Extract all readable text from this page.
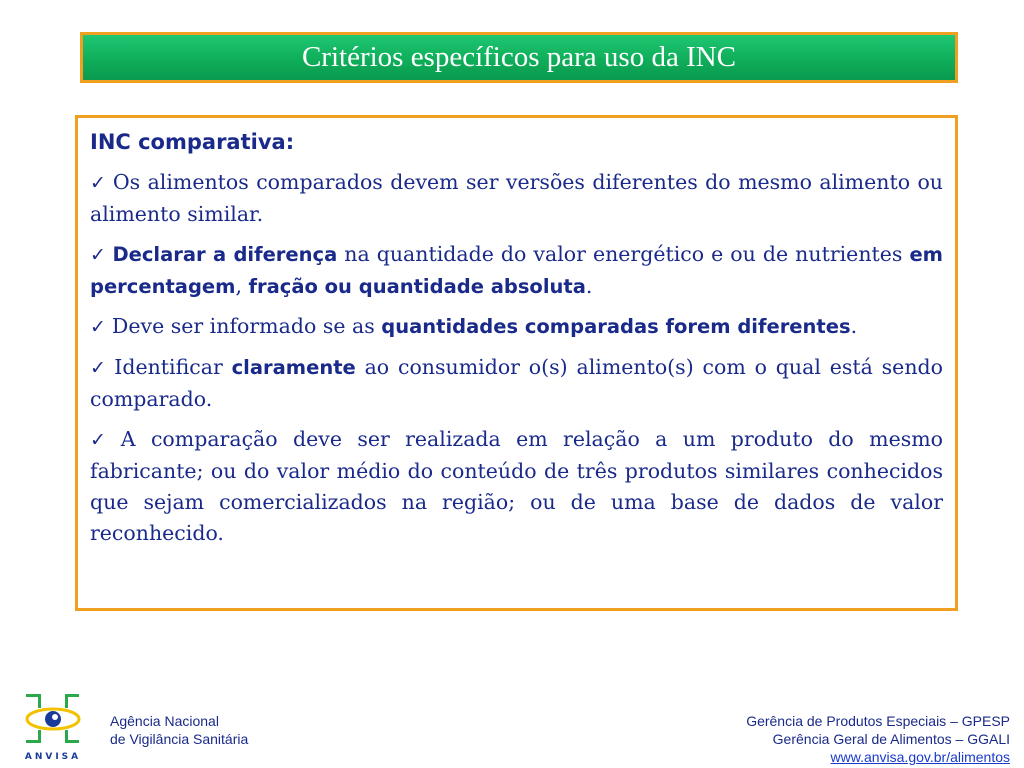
Critérios específicos para uso da INC
INC comparativa:

✓ Os alimentos comparados devem ser versões diferentes do mesmo alimento ou alimento similar.

✓ Declarar a diferença na quantidade do valor energético e ou de nutrientes em percentagem, fração ou quantidade absoluta.

✓ Deve ser informado se as quantidades comparadas forem diferentes.

✓ Identificar claramente ao consumidor o(s) alimento(s) com o qual está sendo comparado.

✓ A comparação deve ser realizada em relação a um produto do mesmo fabricante; ou do valor médio do conteúdo de três produtos similares conhecidos que sejam comercializados na região; ou de uma base de dados de valor reconhecido.

ANVISA
Agência Nacional
de Vigilância Sanitária
Gerência de Produtos Especiais – GPESP
Gerência Geral de Alimentos – GGALI
www.anvisa.gov.br/alimentos
